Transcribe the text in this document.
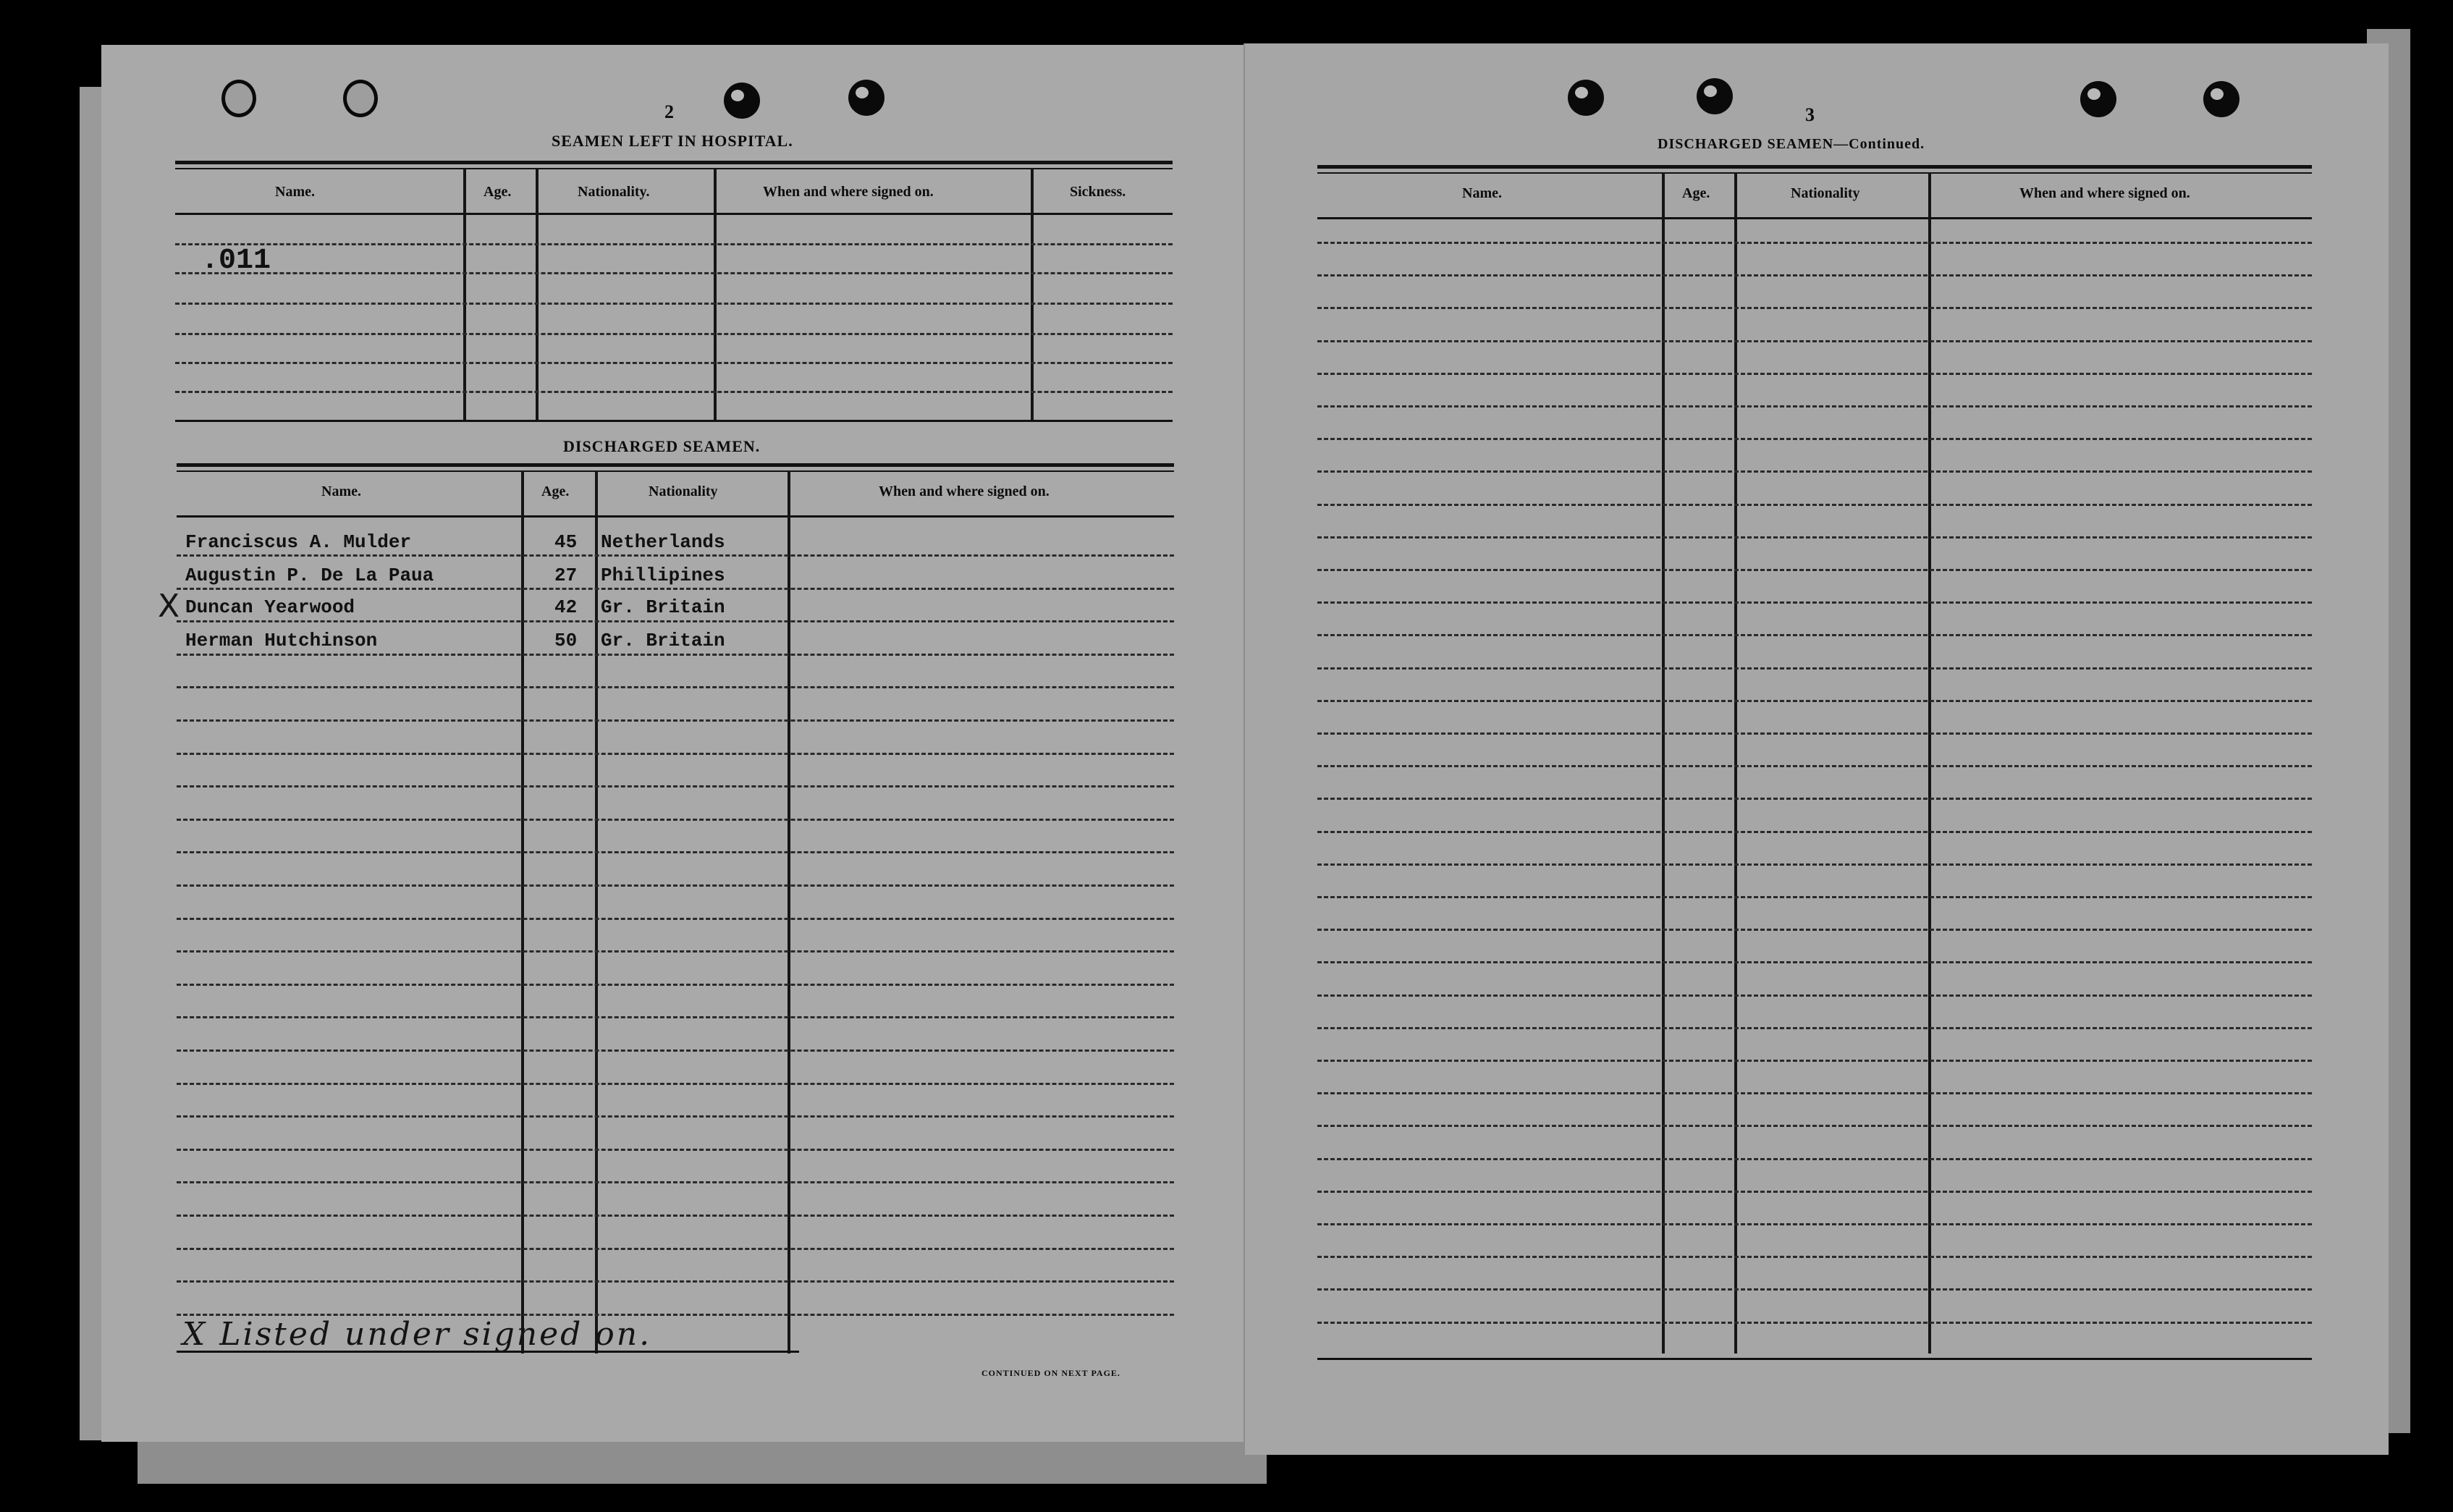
2
SEAMEN LEFT IN HOSPITAL.
Name.	Age.	Nationality.	When and where signed on.	Sickness.
.011
DISCHARGED SEAMEN.
Name.	Age.	Nationality	When and where signed on.
Franciscus A. Mulder	45 Netherlands
Augustin P. De La Paua	27 Phillipines
X Duncan Yearwood	42 Gr. Britain
Herman Hutchinson	50 Gr. Britain
X Listed under signed on.
CONTINUED ON NEXT PAGE.
3
DISCHARGED SEAMEN—Continued.
Name.	Age.	Nationality	When and where signed on.
